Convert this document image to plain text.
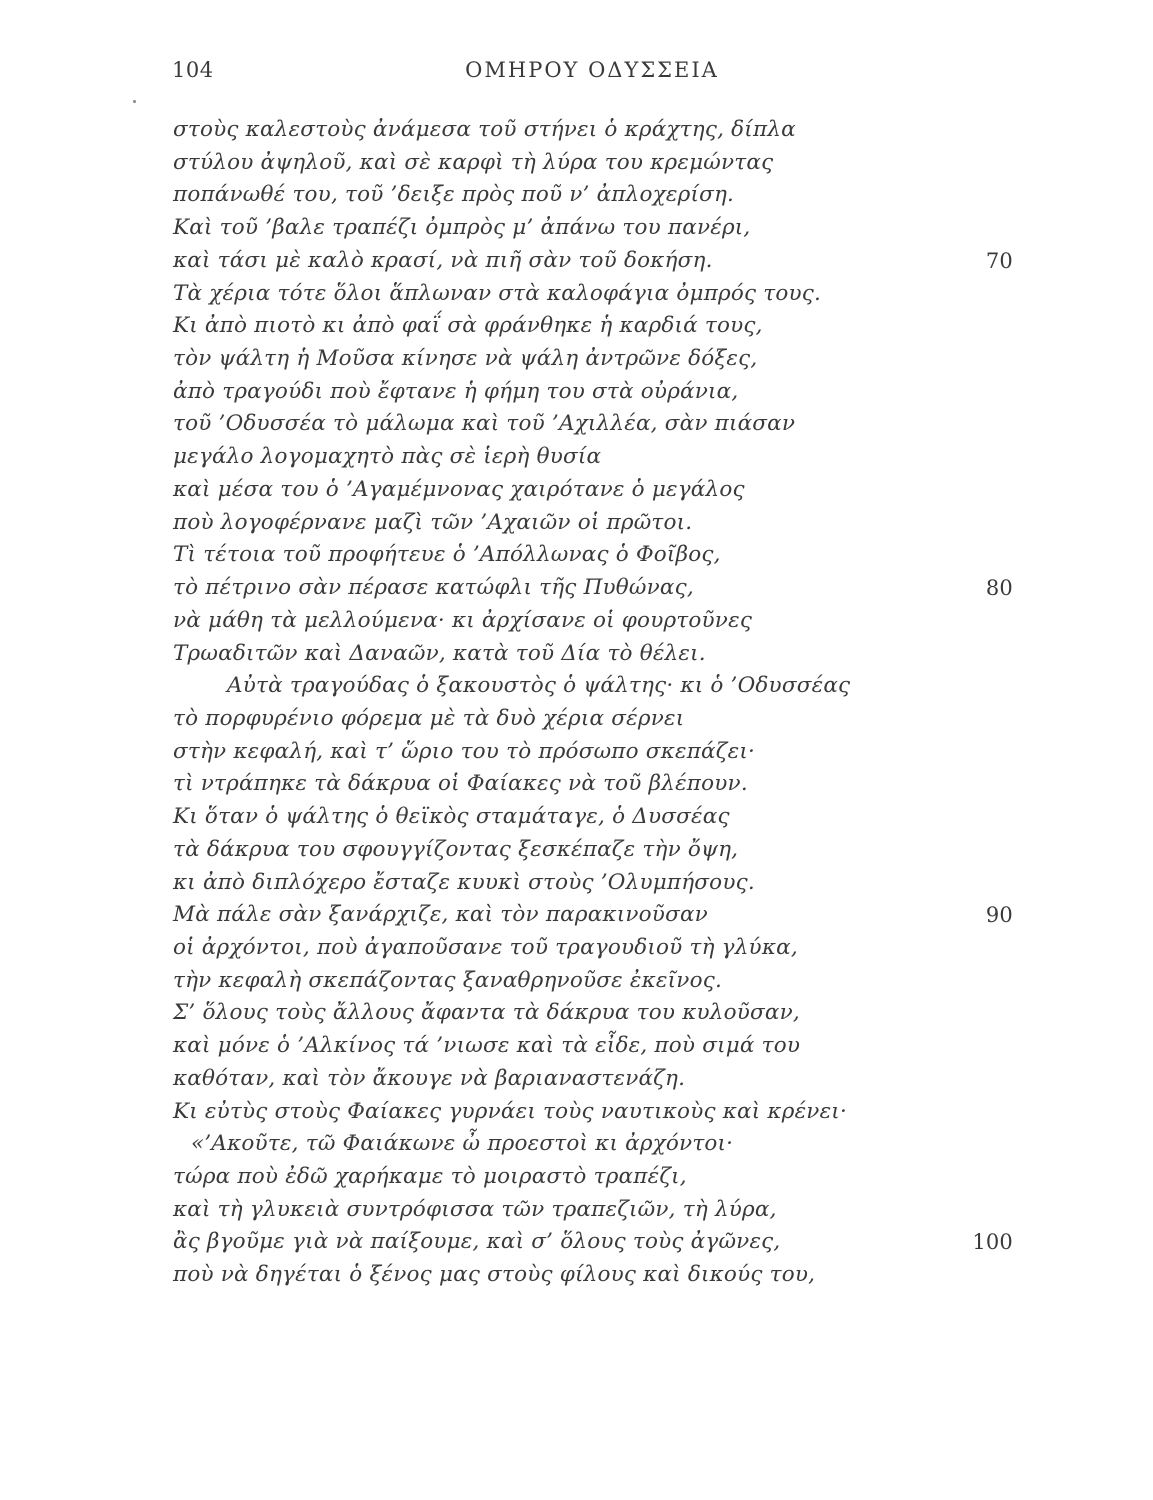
104	ΟΜΗΡΟΥ ΟΔΥΣΣΕΙΑ
στοὺς καλεστοὺς ἀνάμεσα τοῦ στήνει ὁ κράχτης, δίπλα
στύλου ἀψηλοῦ, καὶ σὲ καρφὶ τὴ λύρα του κρεμώντας
ποπάνωθέ του, τοῦ ’δειξε πρὸς ποῦ ν’ ἀπλοχερίση.
Καὶ τοῦ ’βαλε τραπέζι ὀμπρὸς μ’ ἀπάνω του πανέρι,
καὶ τάσι μὲ καλὸ κρασί, νὰ πιῆ σὰν τοῦ δοκήση.	70
Τὰ χέρια τότε ὅλοι ἅπλωναν στὰ καλοφάγια ὀμπρός τους.
Κι ἀπὸ πιοτὸ κι ἀπὸ φαΐ σὰ φράνθηκε ἡ καρδιά τους,
τὸν ψάλτη ἡ Μοῦσα κίνησε νὰ ψάλη ἀντρῶνε δόξες,
ἀπὸ τραγούδι ποὺ ἔφτανε ἡ φήμη του στὰ οὐράνια,
τοῦ ’Οδυσσέα τὸ μάλωμα καὶ τοῦ ’Αχιλλέα, σὰν πιάσαν
μεγάλο λογομαχητὸ πὰς σὲ ἱερὴ θυσία
καὶ μέσα του ὁ ’Αγαμέμνονας χαιρότανε ὁ μεγάλος
ποὺ λογοφέρνανε μαζὶ τῶν ’Αχαιῶν οἱ πρῶτοι.
Τὶ τέτοια τοῦ προφήτευε ὁ ’Απόλλωνας ὁ Φοῖβος,
τὸ πέτρινο σὰν πέρασε κατώφλι τῆς Πυθώνας,	80
νὰ μάθη τὰ μελλούμενα· κι ἀρχίσανε οἱ φουρτοῦνες
Τρωαδιτῶν καὶ Δαναῶν, κατὰ τοῦ Δία τὸ θέλει.
Αὐτὰ τραγούδας ὁ ξακουστὸς ὁ ψάλτης· κι ὁ ’Οδυσσέας
τὸ πορφυρένιο φόρεμα μὲ τὰ δυὸ χέρια σέρνει
στὴν κεφαλή, καὶ τ’ ὥριο του τὸ πρόσωπο σκεπάζει·
τὶ ντράπηκε τὰ δάκρυα οἱ Φαίακες νὰ τοῦ βλέπουν.
Κι ὅταν ὁ ψάλτης ὁ θεϊκὸς σταμάταγε, ὁ Δυσσέας
τὰ δάκρυα του σφουγγίζοντας ξεσκέπαζε τὴν ὄψη,
κι ἀπὸ διπλόχερο ἔσταζε κυυκὶ στοὺς ’Ολυμπήσους.
Μὰ πάλε σὰν ξανάρχιζε, καὶ τὸν παρακινοῦσαν	90
οἱ ἀρχόντοι, ποὺ ἀγαποῦσανε τοῦ τραγουδιοῦ τὴ γλύκα,
τὴν κεφαλὴ σκεπάζοντας ξαναθρηνοῦσε ἐκεῖνος.
Σ’ ὅλους τοὺς ἄλλους ἄφαντα τὰ δάκρυα του κυλοῦσαν,
καὶ μόνε ὁ ’Αλκίνος τά ’νιωσε καὶ τὰ εἶδε, ποὺ σιμά του
καθόταν, καὶ τὸν ἄκουγε νὰ βαριαναστενάζη.
Κι εὐτὺς στοὺς Φαίακες γυρνάει τοὺς ναυτικοὺς καὶ κρένει·
«’Ακοῦτε, τῶ Φαιάκωνε ὦ προεστοὶ κι ἀρχόντοι·
τώρα ποὺ ἐδῶ χαρήκαμε τὸ μοιραστὸ τραπέζι,
καὶ τὴ γλυκειὰ συντρόφισσα τῶν τραπεζιῶν, τὴ λύρα,
ἂς βγοῦμε γιὰ νὰ παίξουμε, καὶ σ’ ὅλους τοὺς ἀγῶνες,	100
ποὺ νὰ δηγέται ὁ ξένος μας στοὺς φίλους καὶ δικούς του,
